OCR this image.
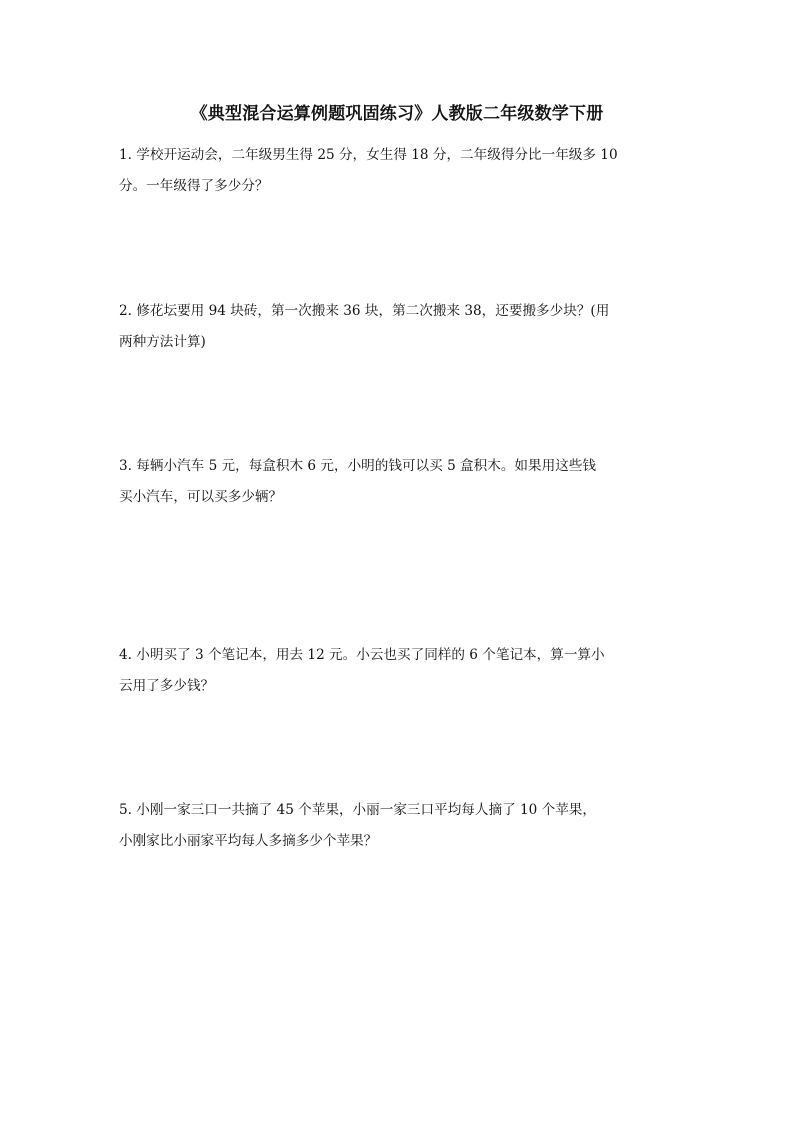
《典型混合运算例题巩固练习》人教版二年级数学下册

1. 学校开运动会，二年级男生得 25 分，女生得 18 分，二年级得分比一年级多 10

分。一年级得了多少分？

2. 修花坛要用 94 块砖，第一次搬来 36 块，第二次搬来 38，还要搬多少块？(用

两种方法计算)

3. 每辆小汽车 5 元，每盒积木 6 元，小明的钱可以买 5 盒积木。如果用这些钱

买小汽车，可以买多少辆？

4. 小明买了 3 个笔记本，用去 12 元。小云也买了同样的 6 个笔记本，算一算小

云用了多少钱？

5. 小刚一家三口一共摘了 45 个苹果，小丽一家三口平均每人摘了 10 个苹果，

小刚家比小丽家平均每人多摘多少个苹果？
